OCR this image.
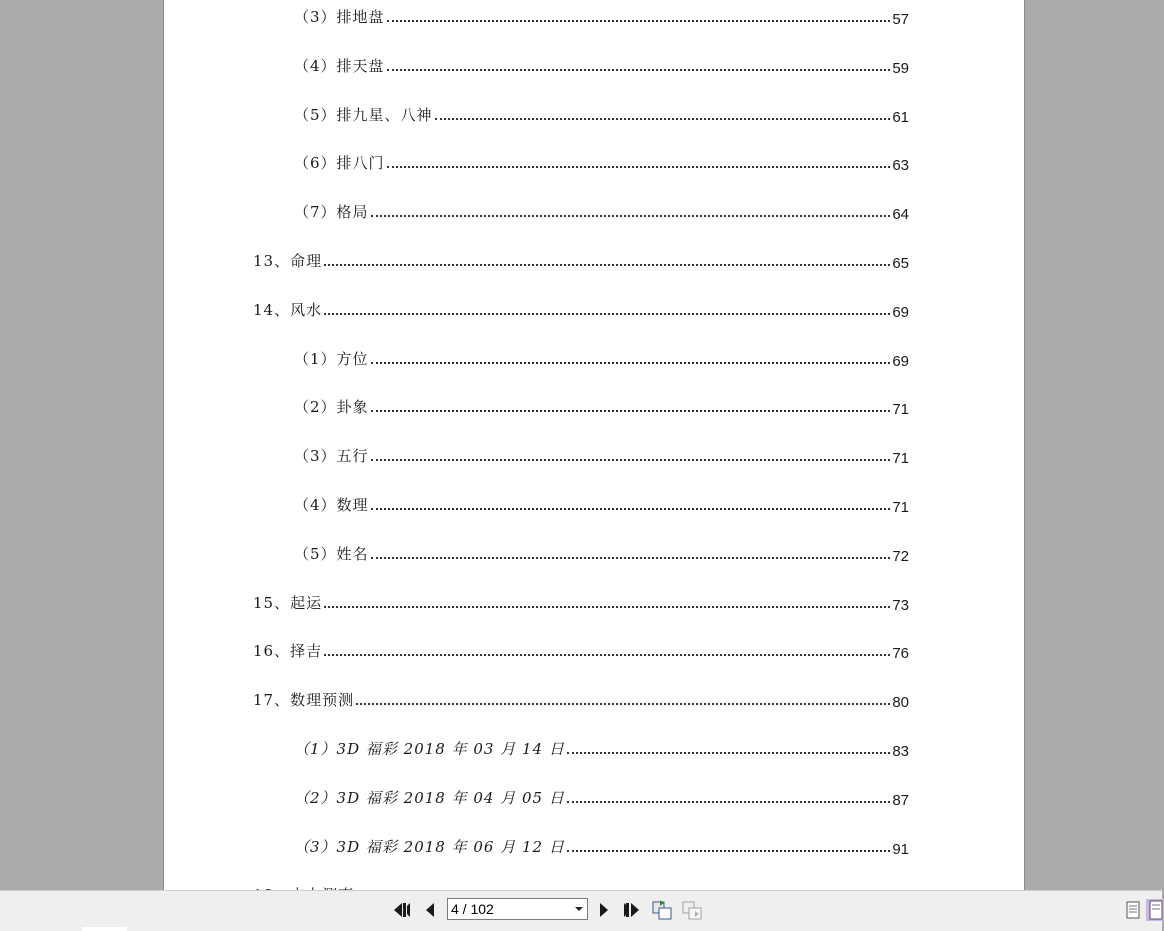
（3）排地盘	57
（4）排天盘	59
（5）排九星、八神	61
（6）排八门	63
（7）格局	64
13、命理	65
14、风水	69
（1）方位	69
（2）卦象	71
（3）五行	71
（4）数理	71
（5）姓名	72
15、起运	73
16、择吉	76
17、数理预测	80
（1）3D 福彩 2018 年 03 月 14 日	83
（2）3D 福彩 2018 年 04 月 05 日	87
（3）3D 福彩 2018 年 06 月 12 日	91
4 / 102
